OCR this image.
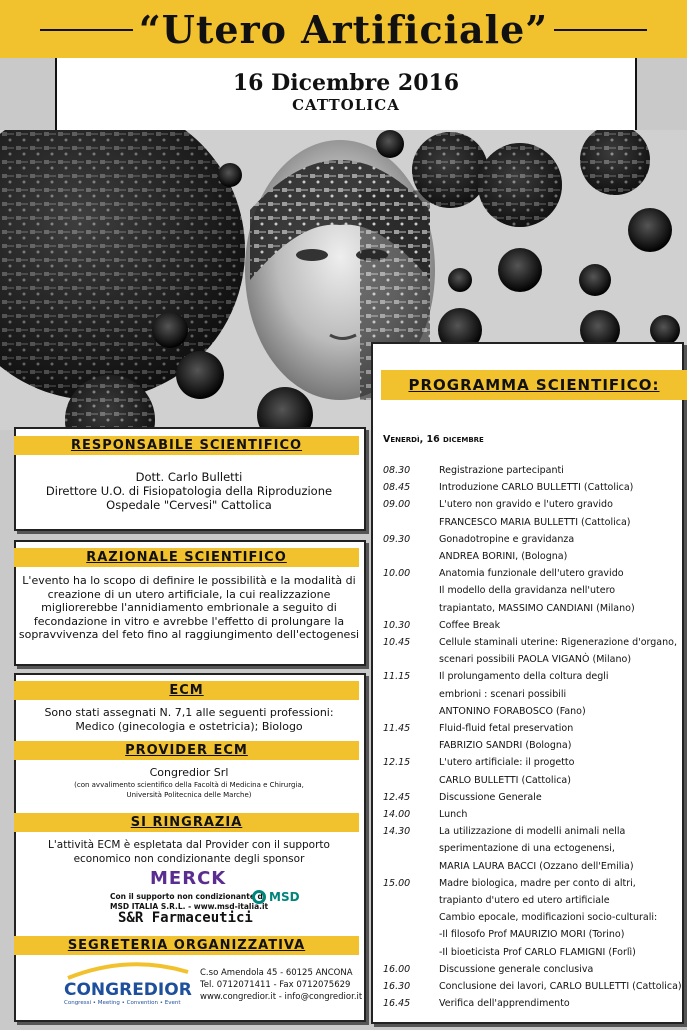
“Utero Artificiale”
16 Dicembre 2016
CATTOLICA
PROGRAMMA SCIENTIFICO:
Venerdì, 16 dicembre
08.30	Registrazione partecipanti
08.45	Introduzione CARLO BULLETTI (Cattolica)
09.00	L'utero non gravido e l'utero gravido
FRANCESCO MARIA BULLETTI (Cattolica)
09.30	Gonadotropine e gravidanza
ANDREA BORINI, (Bologna)
10.00	Anatomia funzionale dell'utero gravido
Il modello della gravidanza nell'utero
trapiantato, MASSIMO CANDIANI (Milano)
10.30	Coffee Break
10.45	Cellule staminali uterine: Rigenerazione d'organo,
scenari possibili PAOLA VIGANÒ (Milano)
11.15	Il prolungamento della coltura degli
embrioni : scenari possibili
ANTONINO FORABOSCO (Fano)
11.45	Fluid-fluid fetal preservation
FABRIZIO SANDRI (Bologna)
12.15	L'utero artificiale: il progetto
CARLO BULLETTI (Cattolica)
12.45	Discussione Generale
14.00	Lunch
14.30	La utilizzazione di modelli animali nella
sperimentazione di una ectogenensi,
MARIA LAURA BACCI (Ozzano dell'Emilia)
15.00	Madre biologica, madre per conto di altri,
trapianto d'utero ed utero artificiale
Cambio epocale, modificazioni socio-culturali:
-Il filosofo Prof MAURIZIO MORI (Torino)
-Il bioeticista Prof CARLO FLAMIGNI (Forlì)
16.00	Discussione generale conclusiva
16.30	Conclusione dei lavori, CARLO BULLETTI (Cattolica)
16.45	Verifica dell'apprendimento
RESPONSABILE SCIENTIFICO
Dott. Carlo Bulletti
Direttore U.O. di Fisiopatologia della Riproduzione
Ospedale "Cervesi" Cattolica
RAZIONALE SCIENTIFICO
L'evento ha lo scopo di definire le possibilità e la modalità di
creazione di un utero artificiale, la cui realizzazione
migliorerebbe l'annidiamento embrionale a seguito di
fecondazione in vitro e avrebbe l'effetto di prolungare la
sopravvivenza del feto fino al raggiungimento dell'ectogenesi
ECM
Sono stati assegnati N. 7,1 alle seguenti professioni:
Medico (ginecologia e ostetricia); Biologo
PROVIDER ECM
Congredior Srl
(con avvalimento scientifico della Facoltà di Medicina e Chirurgia,
Università Politecnica delle Marche)
SI RINGRAZIA
L'attività ECM è espletata dal Provider con il supporto
economico non condizionante degli sponsor
MERCK
Con il supporto non condizionante di
MSD ITALIA S.R.L. - www.msd-italia.it
MSD
S&R Farmaceutici
SEGRETERIA ORGANIZZATIVA
CONGREDIOR
Congressi • Meeting • Convention • Event
C.so Amendola 45 - 60125 ANCONA
Tel. 0712071411 - Fax 0712075629
www.congredior.it - info@congredior.it
